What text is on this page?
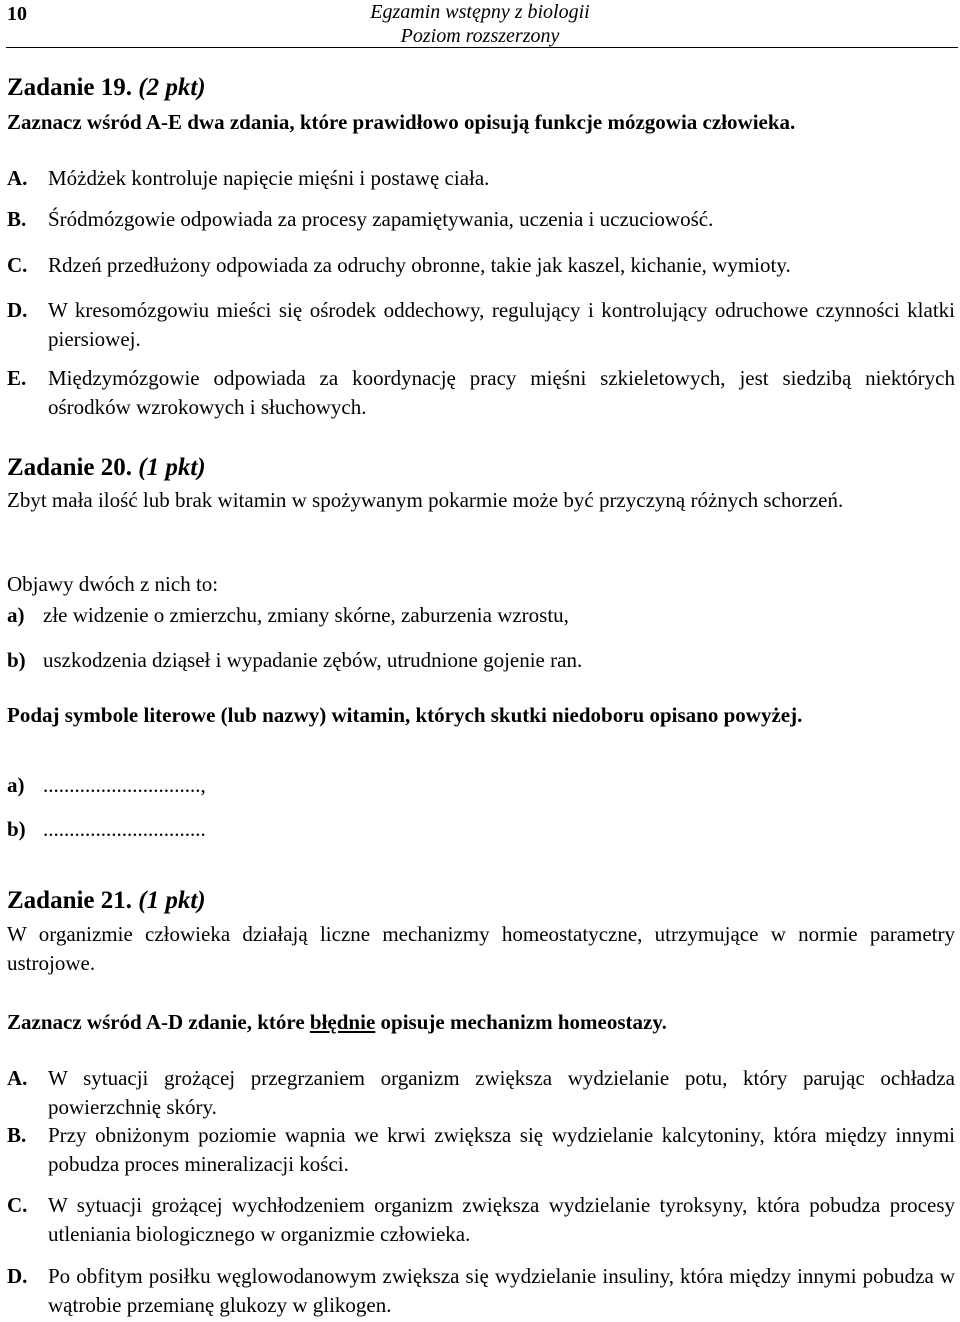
10	Egzamin wstępny z biologii
Poziom rozszerzony
Zadanie 19. (2 pkt)
Zaznacz wśród A-E dwa zdania, które prawidłowo opisują funkcje mózgowia człowieka.
A. Móżdżek kontroluje napięcie mięśni i postawę ciała.
B. Śródmózgowie odpowiada za procesy zapamiętywania, uczenia i uczuciowość.
C. Rdzeń przedłużony odpowiada za odruchy obronne, takie jak kaszel, kichanie, wymioty.
D. W kresomózgowiu mieści się ośrodek oddechowy, regulujący i kontrolujący odruchowe czynności klatki piersiowej.
E. Międzymózgowie odpowiada za koordynację pracy mięśni szkieletowych, jest siedzibą niektórych ośrodków wzrokowych i słuchowych.
Zadanie 20. (1 pkt)
Zbyt mała ilość lub brak witamin w spożywanym pokarmie może być przyczyną różnych schorzeń.
Objawy dwóch z nich to:
a) złe widzenie o zmierzchu, zmiany skórne, zaburzenia wzrostu,
b) uszkodzenia dziąseł i wypadanie zębów, utrudnione gojenie ran.
Podaj symbole literowe (lub nazwy) witamin, których skutki niedoboru opisano powyżej.
a) ..............................,
b) ...............................
Zadanie 21. (1 pkt)
W organizmie człowieka działają liczne mechanizmy homeostatyczne, utrzymujące w normie parametry ustrojowe.
Zaznacz wśród A-D zdanie, które błędnie opisuje mechanizm homeostazy.
A. W sytuacji grożącej przegrzaniem organizm zwiększa wydzielanie potu, który parując ochładza powierzchnię skóry.
B. Przy obniżonym poziomie wapnia we krwi zwiększa się wydzielanie kalcytoniny, która między innymi pobudza proces mineralizacji kości.
C. W sytuacji grożącej wychłodzeniem organizm zwiększa wydzielanie tyroksyny, która pobudza procesy utleniania biologicznego w organizmie człowieka.
D. Po obfitym posiłku węglowodanowym zwiększa się wydzielanie insuliny, która między innymi pobudza w wątrobie przemianę glukozy w glikogen.
